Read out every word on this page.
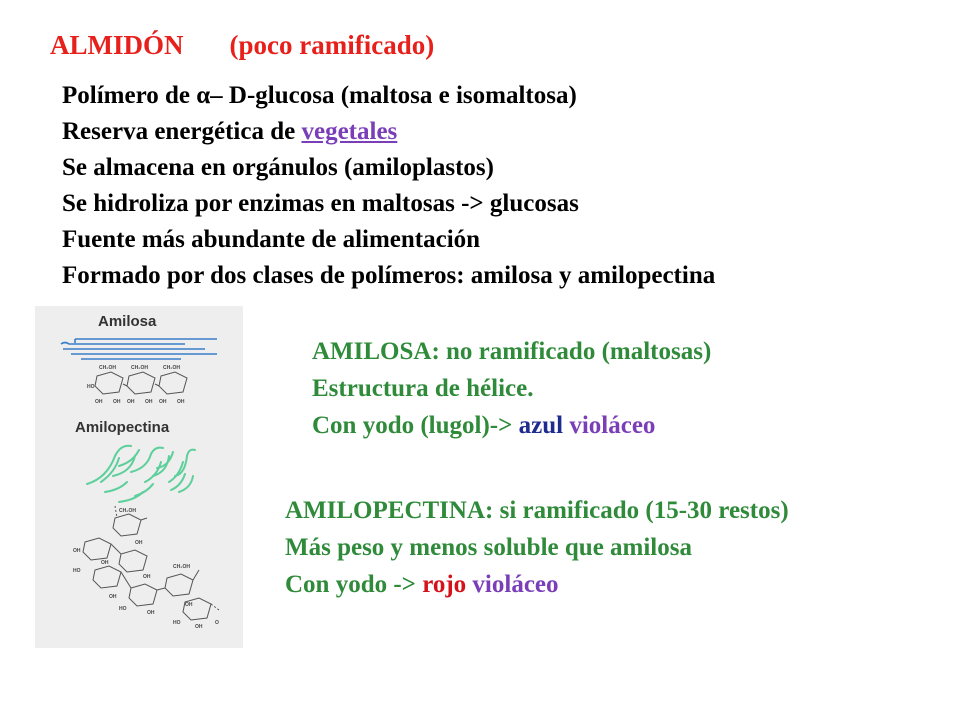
ALMIDÓN (poco ramificado)
Polímero de α– D-glucosa (maltosa e isomaltosa)
Reserva energética de vegetales
Se almacena en orgánulos (amiloplastos)
Se hidroliza por enzimas en maltosas -> glucosas
Fuente más abundante de alimentación
Formado por dos clases de polímeros: amilosa y amilopectina
Amilosa
CH₂OH	CH₂OH	CH₂OH
OH	OH	OH
OH	OH	OH
HO
Amilopectina
CH₂OH
OH
OH
OH
HO
OH
OH
HO
CH₂OH
OH
OH
OH
HO	O
AMILOSA: no ramificado (maltosas)
Estructura de hélice.
Con yodo (lugol)-> azul violáceo
AMILOPECTINA: si ramificado (15-30 restos)
Más peso y menos soluble que amilosa
Con yodo -> rojo violáceo
